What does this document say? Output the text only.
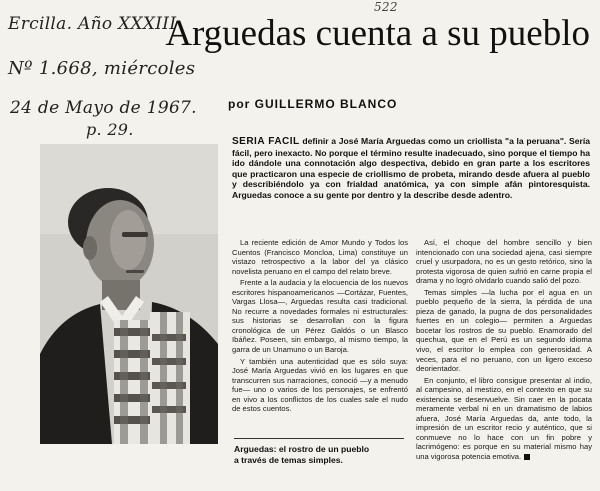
522
Ercilla. Año XXXIII
Nº 1.668, miércoles
24 de Mayo de 1967.
p. 29.
Arguedas cuenta a su pueblo
por GUILLERMO BLANCO

SERIA FACIL definir a José María Arguedas como un criollista "a la peruana". Sería fácil, pero inexacto. No porque el término resulte inadecuado, sino porque el tiempo ha ido dándole una connotación algo despectiva, debido en gran parte a los escritores que practicaron una especie de criollismo de probeta, mirando desde afuera al pueblo y describiéndolo ya con frialdad anatómica, ya con simple afán pintoresquista. Arguedas conoce a su gente por dentro y la describe desde adentro.

Arguedas: el rostro de un pueblo a través de temas simples.

La reciente edición de Amor Mundo y Todos los Cuentos (Francisco Moncloa, Lima) constituye un vistazo retrospectivo a la labor del ya clásico novelista peruano en el campo del relato breve.

Frente a la audacia y la elocuencia de los nuevos escritores hispanoamericanos —Cortázar, Fuentes, Vargas Llosa—, Arguedas resulta casi tradicional. No recurre a novedades formales ni estructurales: sus historias se desarrollan con la figura cronológica de un Pérez Galdós o un Blasco Ibáñez. Poseen, sin embargo, al mismo tiempo, la garra de un Unamuno o un Baroja.

Y también una autenticidad que es sólo suya: José María Arguedas vivió en los lugares en que transcurren sus narraciones, conoció —y a menudo fue— uno o varios de los personajes, se enfrentó en vivo a los conflictos de los cuales sale el nudo de estos cuentos.

Así, el choque del hombre sencillo y bien intencionado con una sociedad ajena, casi siempre cruel y usurpadora, no es un gesto retórico, sino la protesta vigorosa de quien sufrió en carne propia el drama y no logró olvidarlo cuando salió del pozo.

Temas simples —la lucha por el agua en un pueblo pequeño de la sierra, la pérdida de una pieza de ganado, la pugna de dos personalidades fuertes en un colegio— permiten a Arguedas bocetar los rostros de su pueblo. Enamorado del quechua, que en el Perú es un segundo idioma vivo, el escritor lo emplea con generosidad. A veces, para el no peruano, con un ligero exceso deorientador.

En conjunto, el libro consigue presentar al indio, al campesino, al mestizo, en el contexto en que su existencia se desenvuelve. Sin caer en la pocata meramente verbal ni en un dramatismo de labios afuera, José María Arguedas da, ante todo, la impresión de un escritor recio y auténtico, que si conmueve no lo hace con un fin pobre y lacrimógeno: es porque en su material mismo hay una vigorosa potencia emotiva.
